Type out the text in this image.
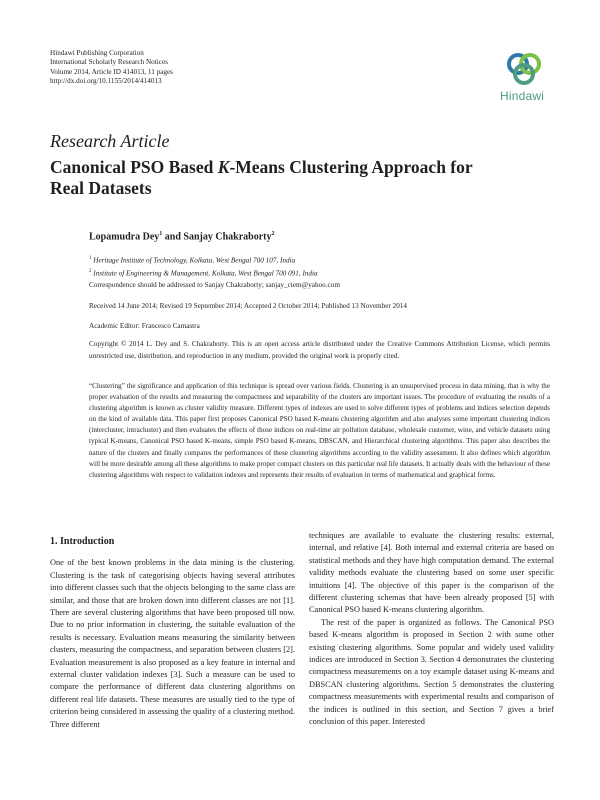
Hindawi Publishing Corporation
International Scholarly Research Notices
Volume 2014, Article ID 414013, 11 pages
http://dx.doi.org/10.1155/2014/414013
Hindawi
Research Article
Canonical PSO Based K-Means Clustering Approach for Real Datasets
Lopamudra Dey$^1$ and Sanjay Chakraborty$^2$
$^1$ Heritage Institute of Technology, Kolkata, West Bengal 700 107, India
$^2$ Institute of Engineering & Management, Kolkata, West Bengal 700 091, India
Correspondence should be addressed to Sanjay Chakraborty; sanjay_ciem@yahoo.com
Received 14 June 2014; Revised 19 September 2014; Accepted 2 October 2014; Published 13 November 2014
Academic Editor: Francesco Camastra
Copyright © 2014 L. Dey and S. Chakraborty. This is an open access article distributed under the Creative Commons Attribution License, which permits unrestricted use, distribution, and reproduction in any medium, provided the original work is properly cited.
“Clustering” the significance and application of this technique is spread over various fields. Clustering is an unsupervised process in data mining, that is why the proper evaluation of the results and measuring the compactness and separability of the clusters are important issues. The procedure of evaluating the results of a clustering algorithm is known as cluster validity measure. Different types of indexes are used to solve different types of problems and indices selection depends on the kind of available data. This paper first proposes Canonical PSO based K-means clustering algorithm and also analyses some important clustering indices (intercluster, intracluster) and then evaluates the effects of those indices on real-time air pollution database, wholesale customer, wine, and vehicle datasets using typical K-means, Canonical PSO based K-means, simple PSO based K-means, DBSCAN, and Hierarchical clustering algorithms. This paper also describes the nature of the clusters and finally compares the performances of these clustering algorithms according to the validity assessment. It also defines which algorithm will be more desirable among all these algorithms to make proper compact clusters on this particular real life datasets. It actually deals with the behaviour of these clustering algorithms with respect to validation indexes and represents their results of evaluation in terms of mathematical and graphical forms.
1. Introduction

One of the best known problems in the data mining is the clustering. Clustering is the task of categorising objects having several attributes into different classes such that the objects belonging to the same class are similar, and those that are broken down into different classes are not [1]. There are several clustering algorithms that have been proposed till now. Due to no prior information in clustering, the suitable evaluation of the results is necessary. Evaluation means measuring the similarity between clusters, measuring the compactness, and separation between clusters [2]. Evaluation measurement is also proposed as a key feature in internal and external cluster validation indexes [3]. Such a measure can be used to compare the performance of different data clustering algorithms on different real life datasets. These measures are usually tied to the type of criterion being considered in assessing the quality of a clustering method. Three different

techniques are available to evaluate the clustering results: external, internal, and relative [4]. Both internal and external criteria are based on statistical methods and they have high computation demand. The external validity methods evaluate the clustering based on some user specific intuitions [4]. The objective of this paper is the comparison of the different clustering schemas that have been already proposed [5] with Canonical PSO based K-means clustering algorithm.

The rest of the paper is organized as follows. The Canonical PSO based K-means algorithm is proposed in Section 2 with some other existing clustering algorithms. Some popular and widely used validity indices are introduced in Section 3. Section 4 demonstrates the clustering compactness measurements on a toy example dataset using K-means and DBSCAN clustering algorithms. Section 5 demonstrates the clustering compactness measurements with experimental results and comparison of the indices is outlined in this section, and Section 7 gives a brief conclusion of this paper. Interested
